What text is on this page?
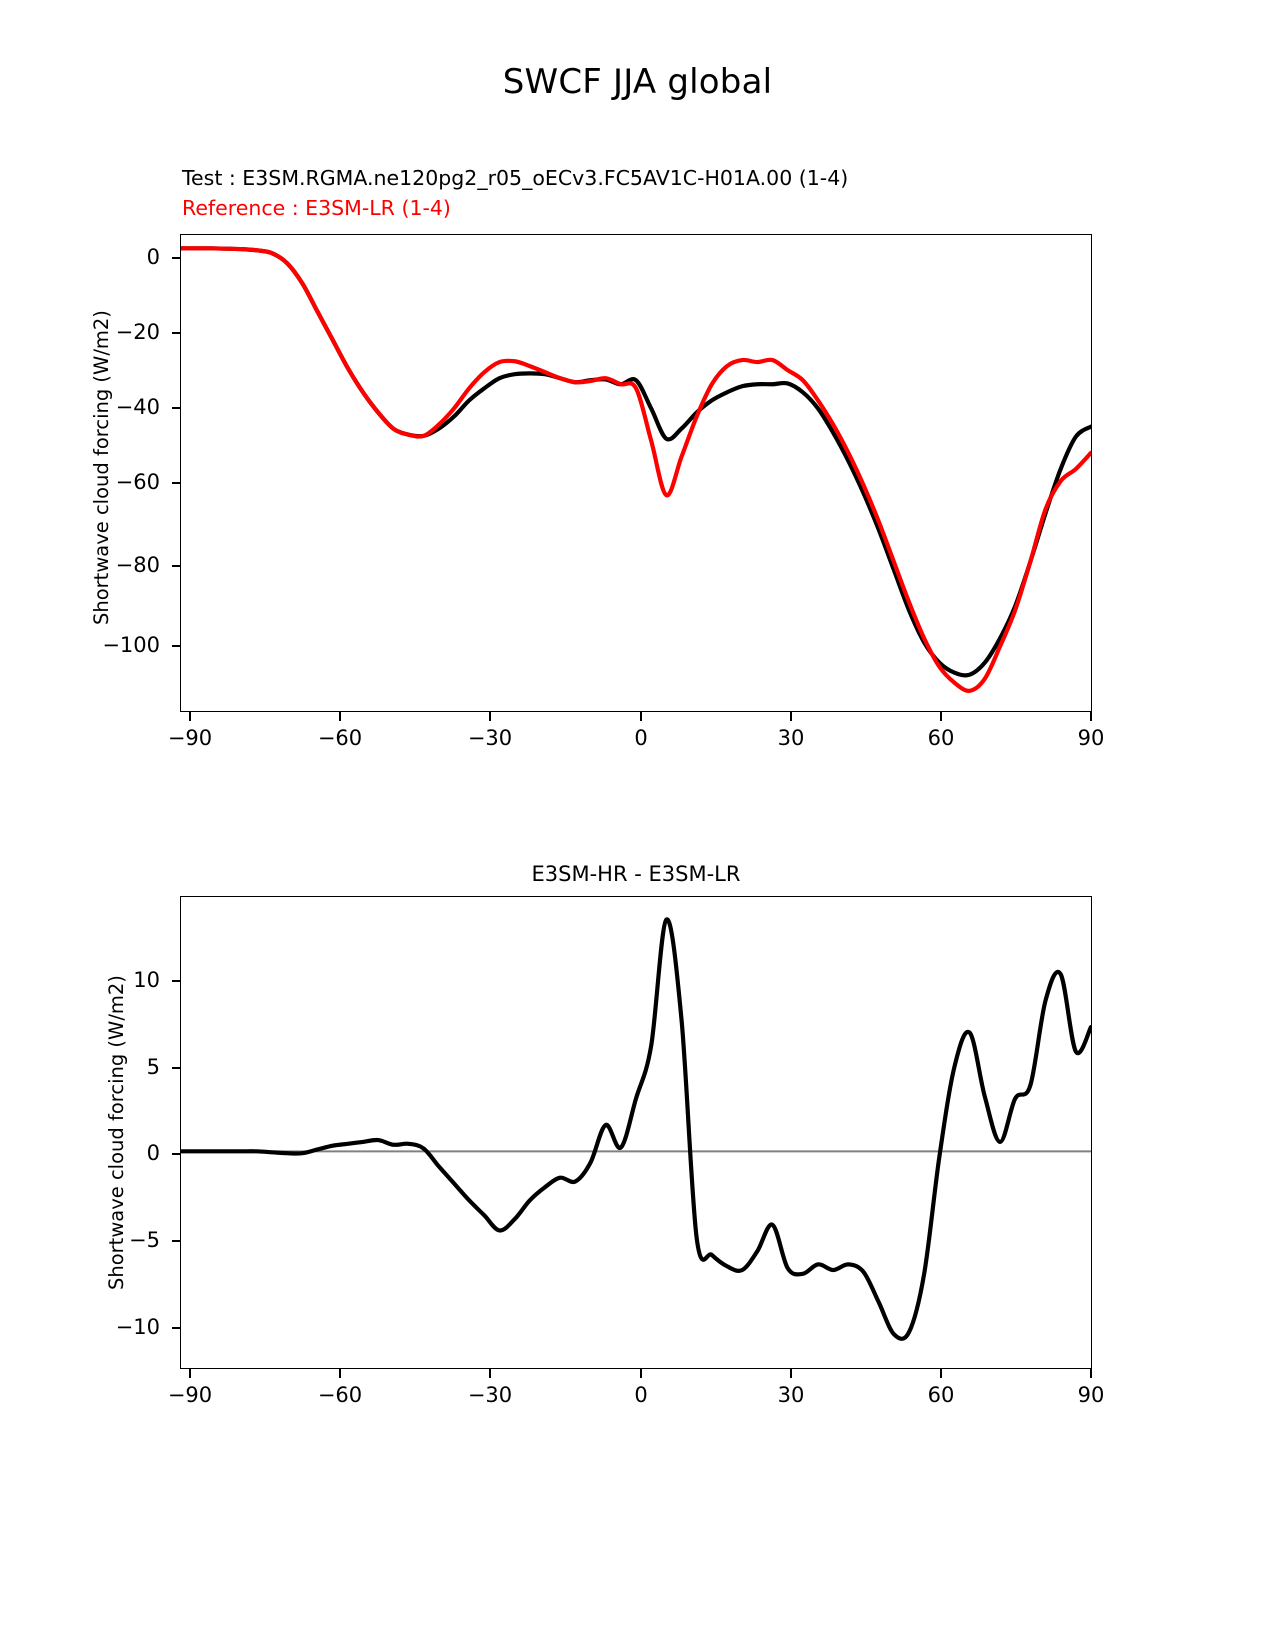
SWCF JJA global
Test : E3SM.RGMA.ne120pg2_r05_oECv3.FC5AV1C-H01A.00 (1-4)
Reference : E3SM-LR (1-4)
Shortwave cloud forcing (W/m2)
0
−20
−40
−60
−80
−100
−90	−60	−30	0	30	60	90
E3SM-HR - E3SM-LR
Shortwave cloud forcing (W/m2) 10
5
0
−5
−10
−90	−60	−30	0	30	60	90
